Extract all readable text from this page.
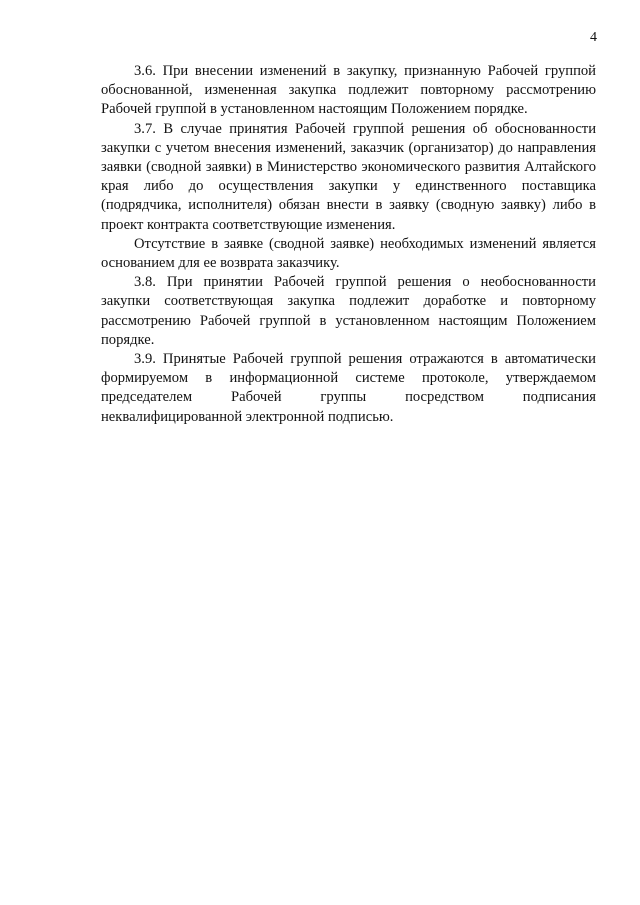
4

3.6. При внесении изменений в закупку, признанную Рабочей группой обоснованной, измененная закупка подлежит повторному рассмотрению Рабочей группой в установленном настоящим Положением порядке.

3.7. В случае принятия Рабочей группой решения об обоснованности закупки с учетом внесения изменений, заказчик (организатор) до направления заявки (сводной заявки) в Министерство экономического развития Алтайского края либо до осуществления закупки у единственного поставщика (подрядчика, исполнителя) обязан внести в заявку (сводную заявку) либо в проект контракта соответствующие изменения.

Отсутствие в заявке (сводной заявке) необходимых изменений является основанием для ее возврата заказчику.

3.8. При принятии Рабочей группой решения о необоснованности закупки соответствующая закупка подлежит доработке и повторному рассмотрению Рабочей группой в установленном настоящим Положением порядке.

3.9. Принятые Рабочей группой решения отражаются в автоматически формируемом в информационной системе протоколе, утверждаемом председателем Рабочей группы посредством подписания неквалифицированной электронной подписью.
